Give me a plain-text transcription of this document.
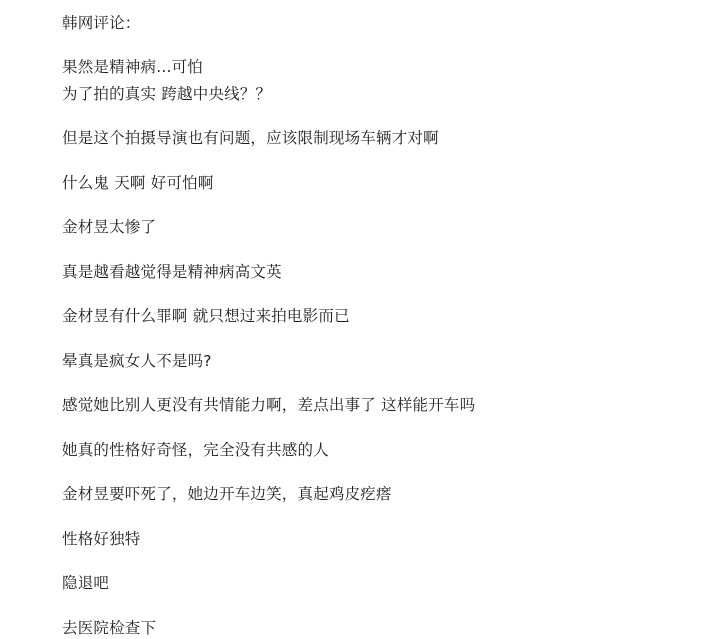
韩网评论：
果然是精神病...可怕
为了拍的真实 跨越中央线？？
但是这个拍摄导演也有问题，应该限制现场车辆才对啊
什么鬼 天啊 好可怕啊
金材昱太惨了
真是越看越觉得是精神病高文英
金材昱有什么罪啊 就只想过来拍电影而已
晕真是疯女人不是吗?
感觉她比别人更没有共情能力啊，差点出事了 这样能开车吗
她真的性格好奇怪，完全没有共感的人
金材昱要吓死了，她边开车边笑，真起鸡皮疙瘩
性格好独特
隐退吧
去医院检查下
